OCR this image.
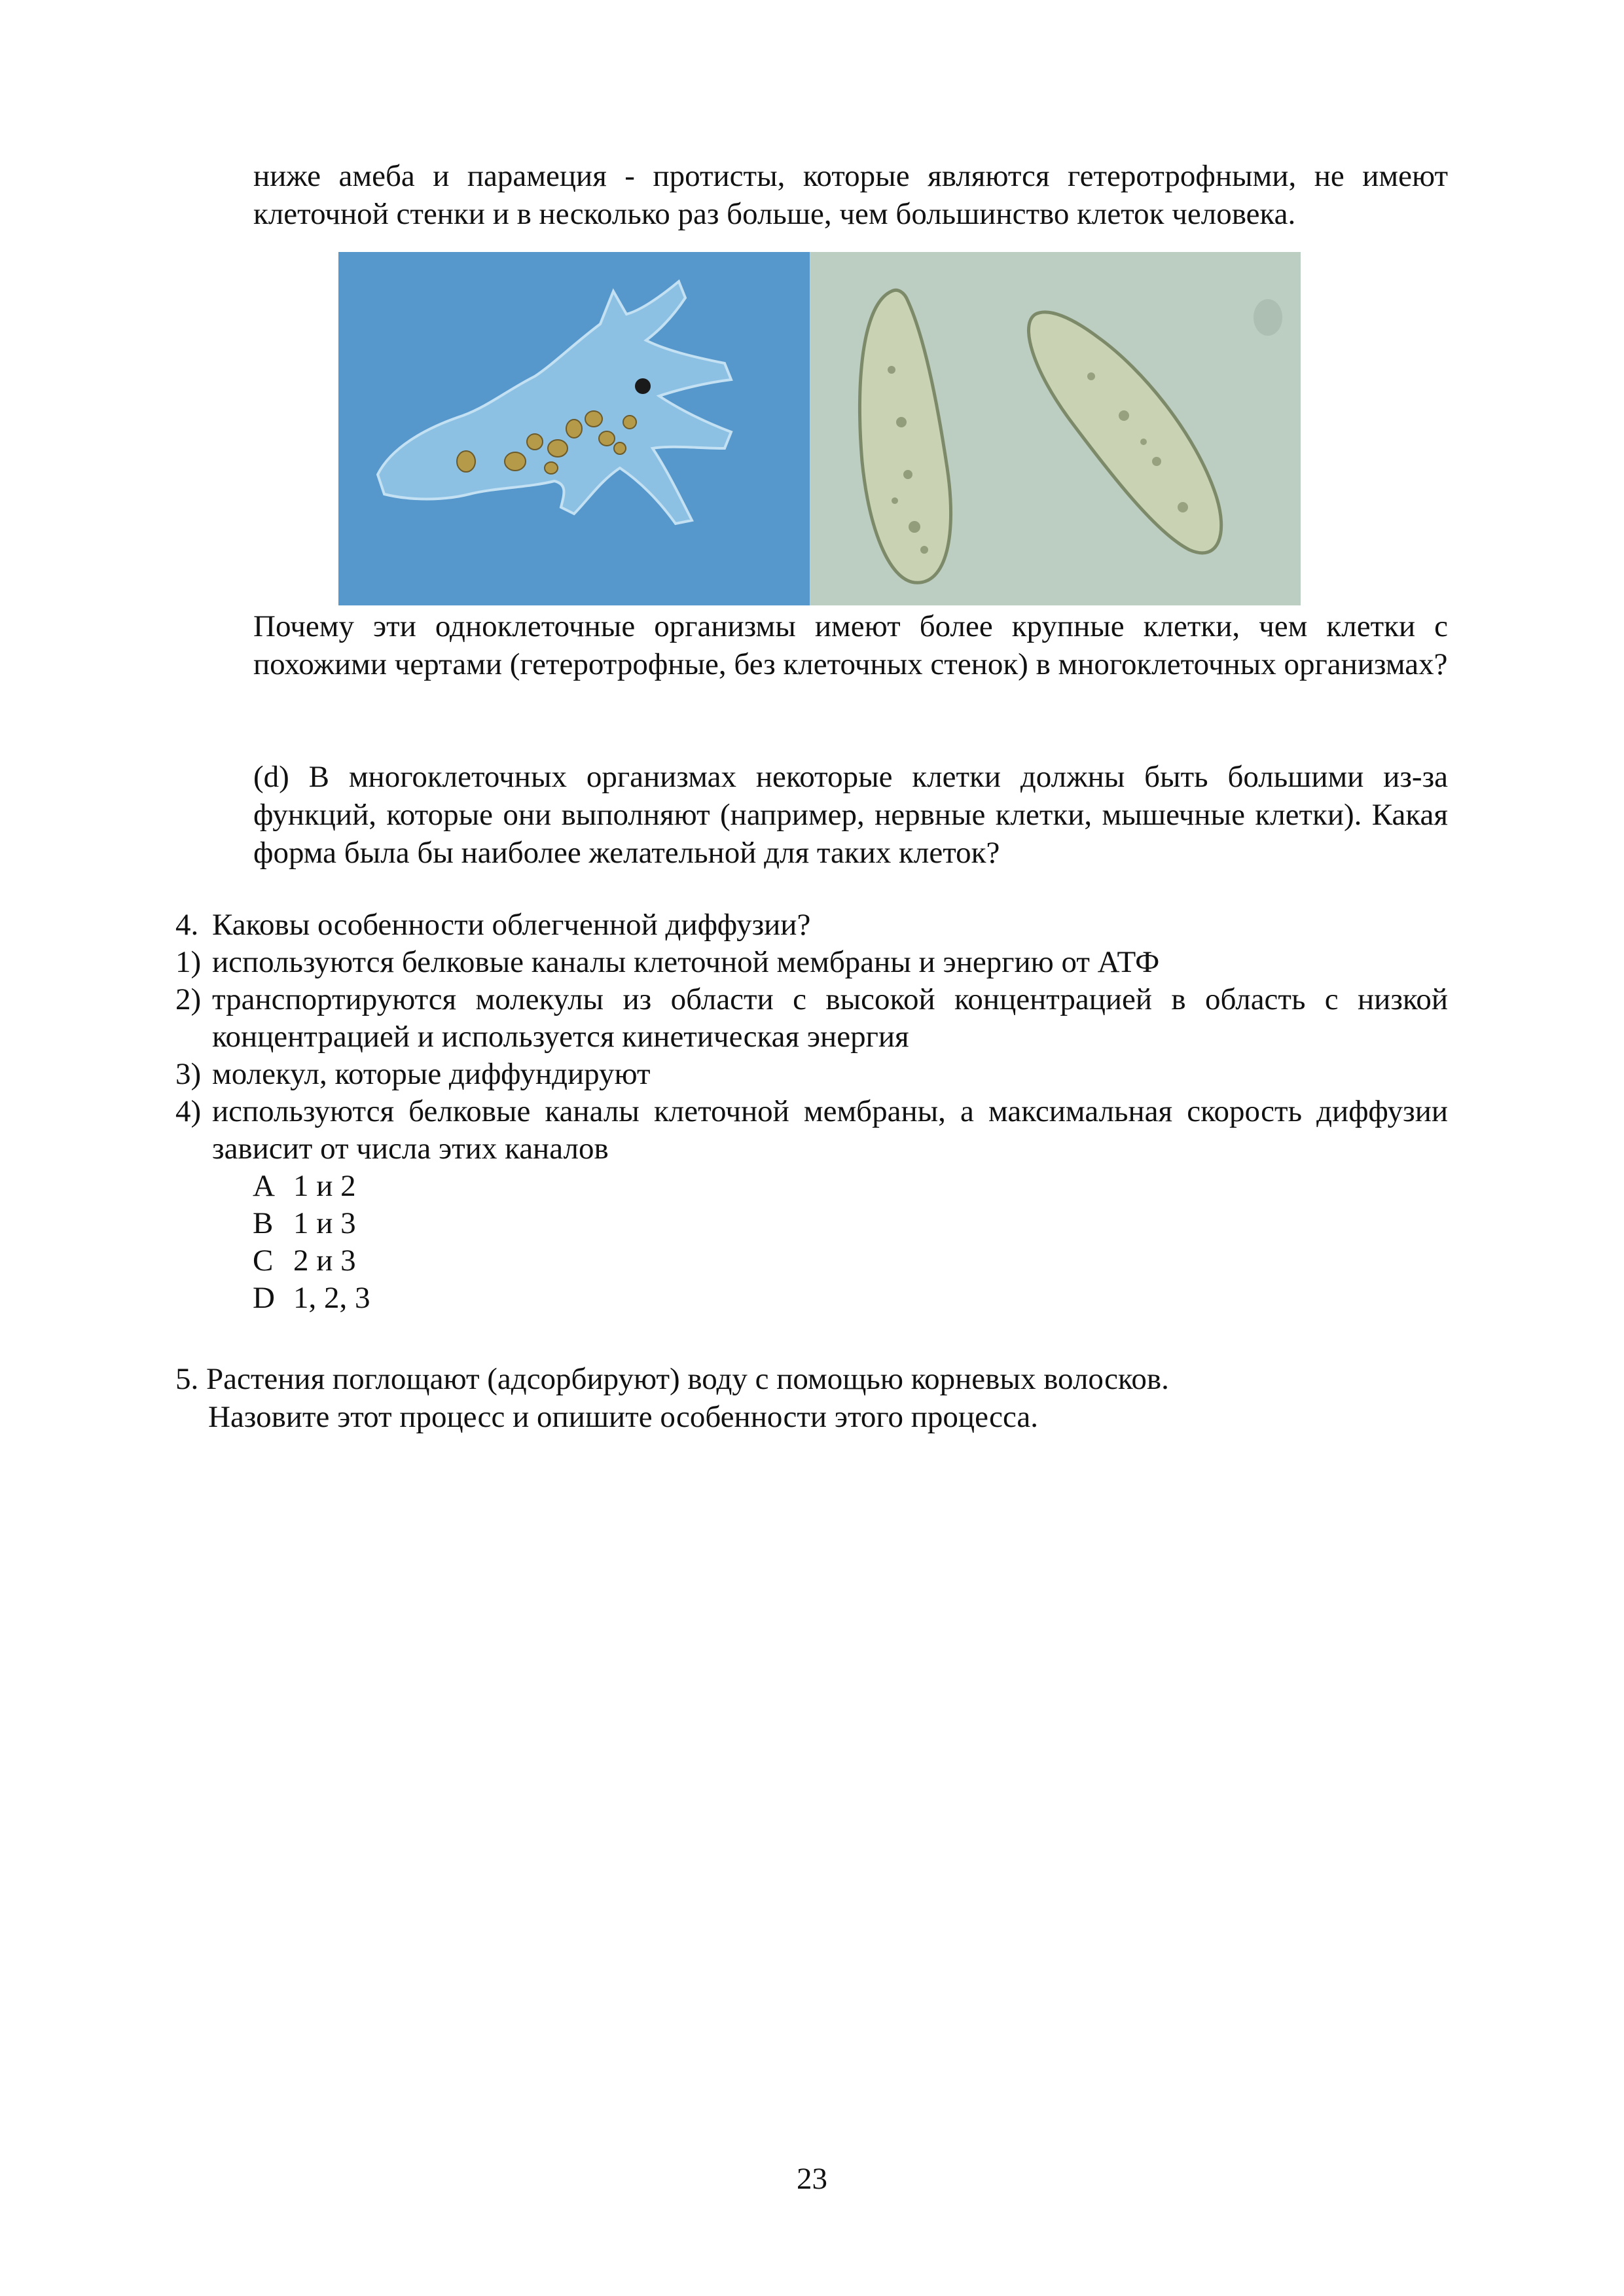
ниже амеба и парамеция - протисты, которые являются гетеротрофными, не имеют клеточной стенки и в несколько раз больше, чем большинство клеток человека.

Почему эти одноклеточные организмы имеют более крупные клетки, чем клетки с похожими чертами (гетеротрофные, без клеточных стенок) в многоклеточных организмах?

(d) В многоклеточных организмах некоторые клетки должны быть большими из-за функций, которые они выполняют (например, нервные клетки, мышечные клетки). Какая форма была бы наиболее желательной для таких клеток?

4. Каковы особенности облегченной диффузии?
1) используются белковые каналы клеточной мембраны и энергию от АТФ
2) транспортируются молекулы из области с высокой концентрацией в область с низкой концентрацией и используется кинетическая энергия
3) молекул, которые диффундируют
4) используются белковые каналы клеточной мембраны, а максимальная скорость диффузии зависит от числа этих каналов
A 1 и 2
B 1 и 3
C 2 и 3
D 1, 2, 3
5. Растения поглощают (адсорбируют) воду с помощью корневых волосков.
Назовите этот процесс и опишите особенности этого процесса.
23
